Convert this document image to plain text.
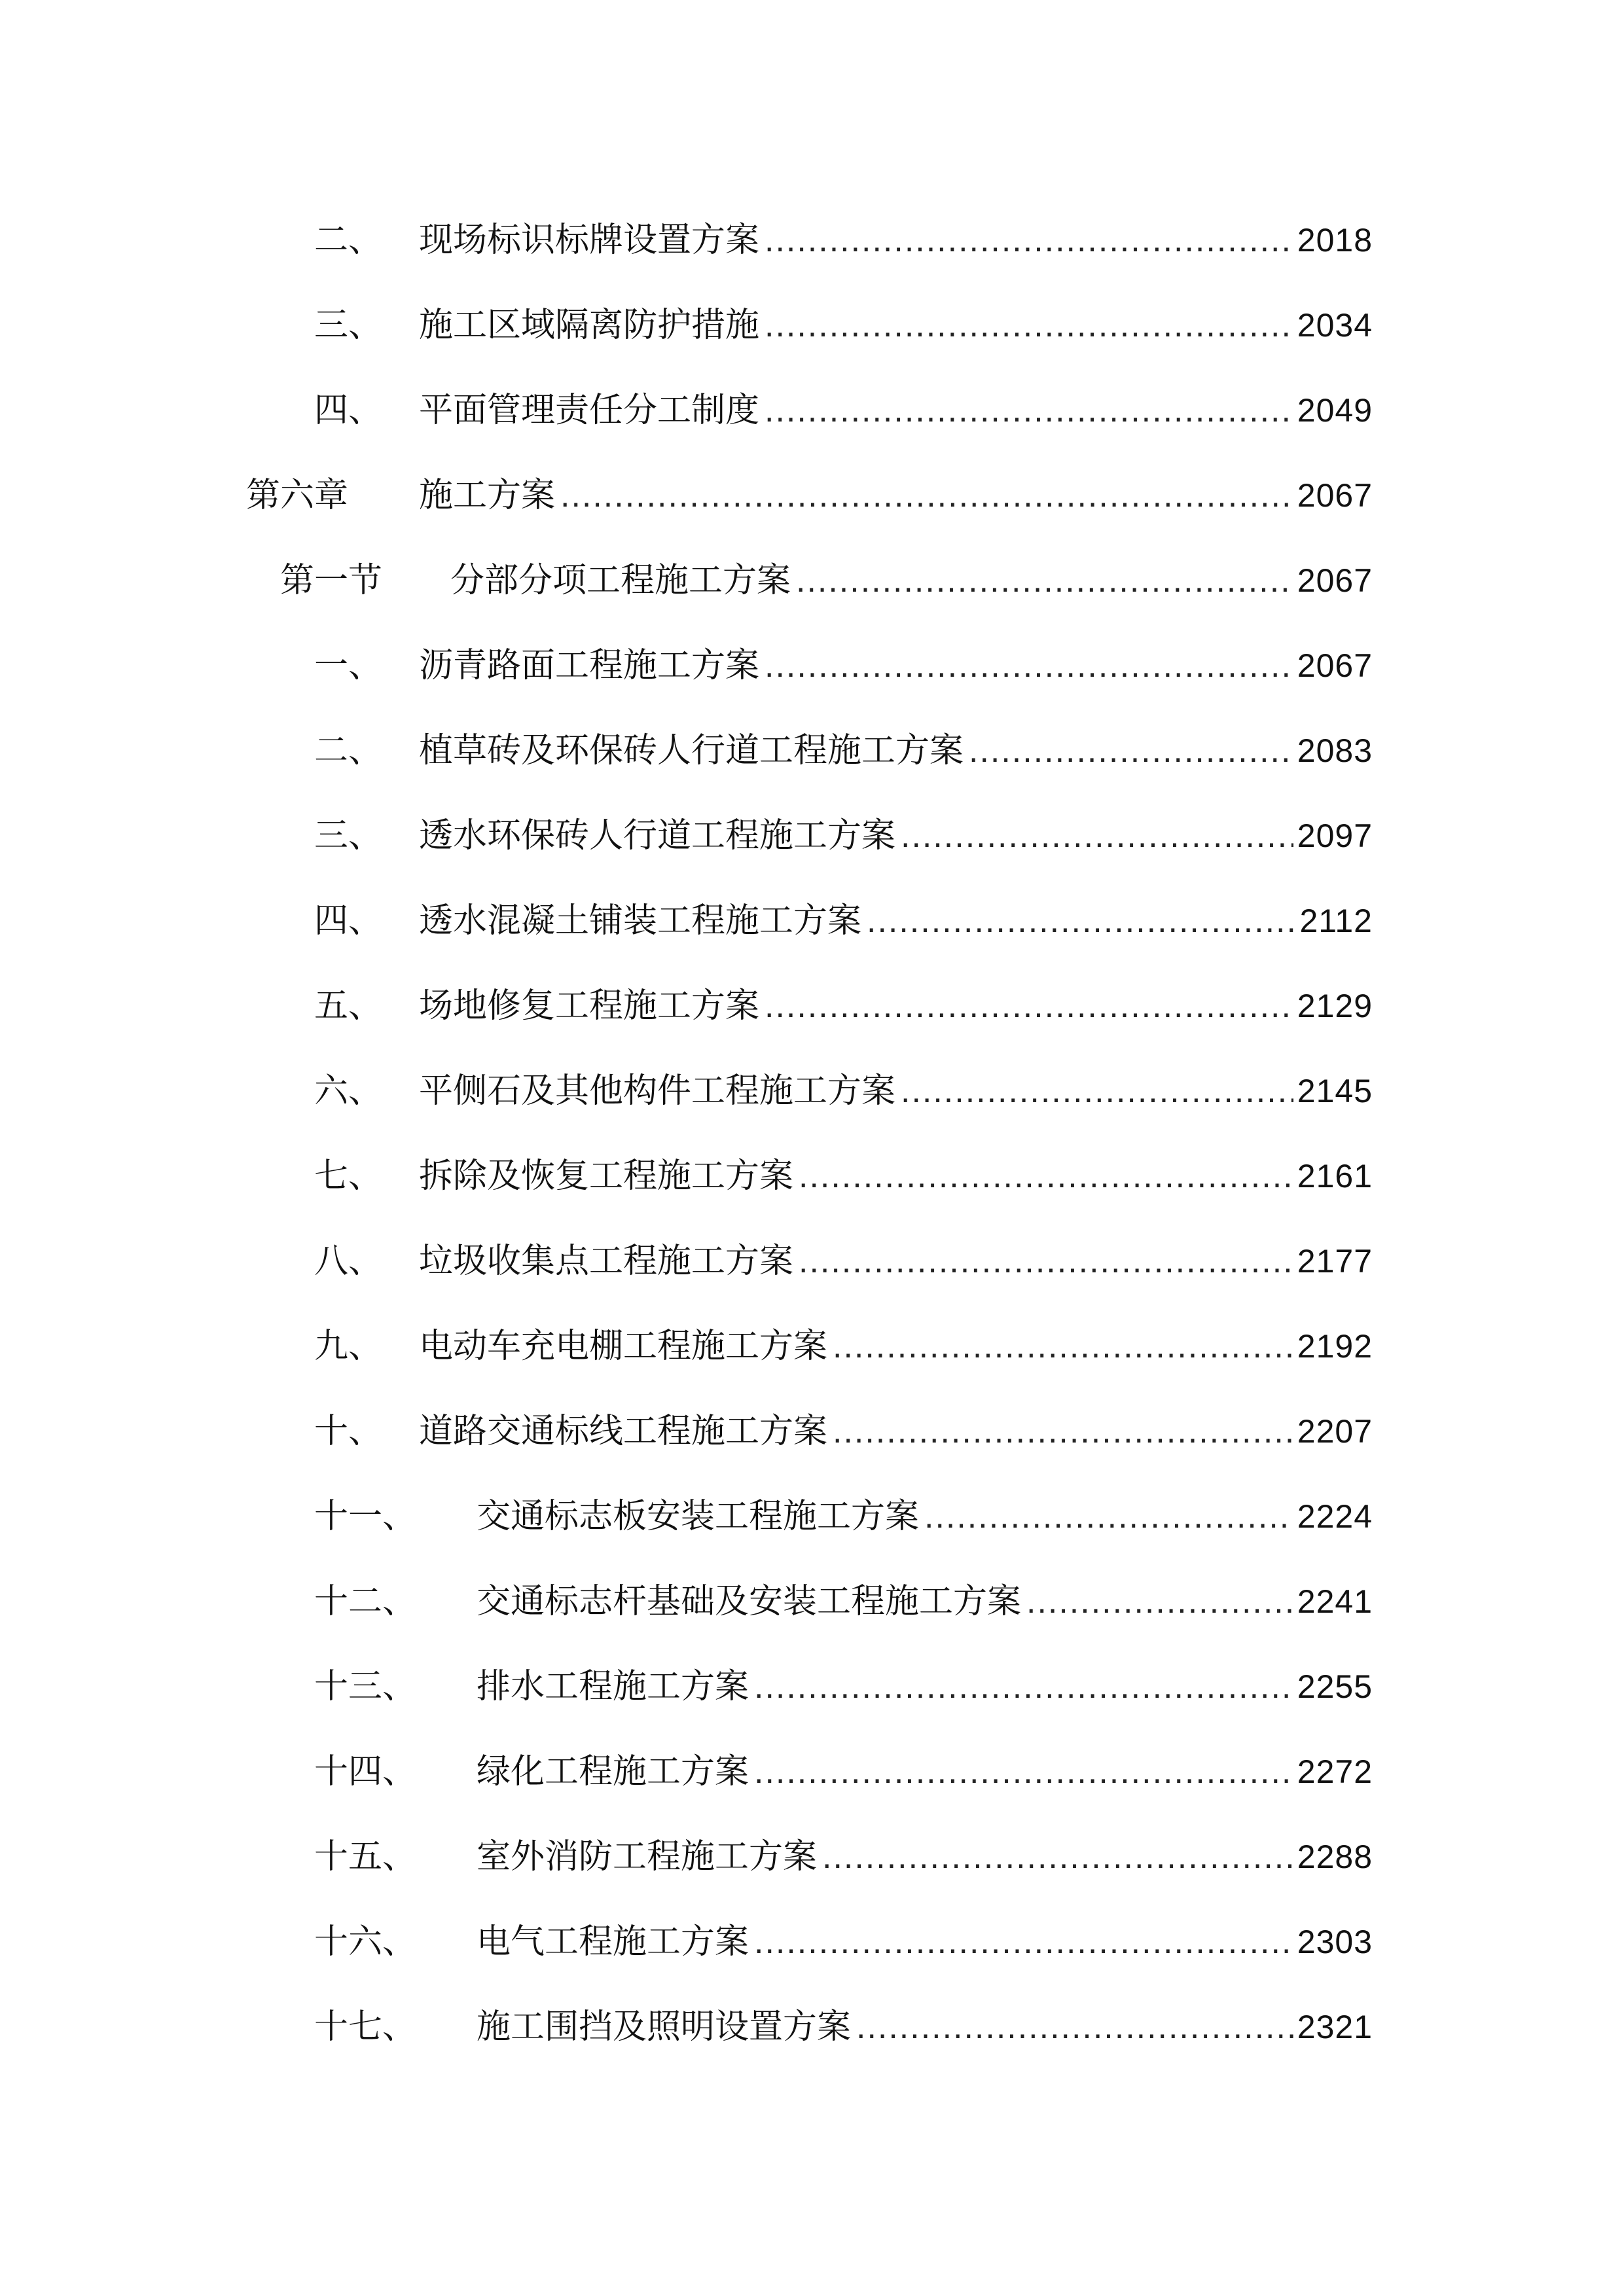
二、 现场标识标牌设置方案 .....	2018
三、 施工区域隔离防护措施 .....	2034
四、 平面管理责任分工制度 .....	2049
第六章 施工方案 .....	2067
第一节 分部分项工程施工方案 .....	2067
一、 沥青路面工程施工方案 .....	2067
二、 植草砖及环保砖人行道工程施工方案 .....	2083
三、 透水环保砖人行道工程施工方案 .....	2097
四、 透水混凝土铺装工程施工方案 .....	2112
五、 场地修复工程施工方案 .....	2129
六、 平侧石及其他构件工程施工方案 .....	2145
七、 拆除及恢复工程施工方案 .....	2161
八、 垃圾收集点工程施工方案 .....	2177
九、 电动车充电棚工程施工方案 .....	2192
十、 道路交通标线工程施工方案 .....	2207
十一、 交通标志板安装工程施工方案 .....	2224
十二、 交通标志杆基础及安装工程施工方案 .....	2241
十三、 排水工程施工方案 .....	2255
十四、 绿化工程施工方案 .....	2272
十五、 室外消防工程施工方案 .....	2288
十六、 电气工程施工方案 .....	2303
十七、 施工围挡及照明设置方案 .....	2321
